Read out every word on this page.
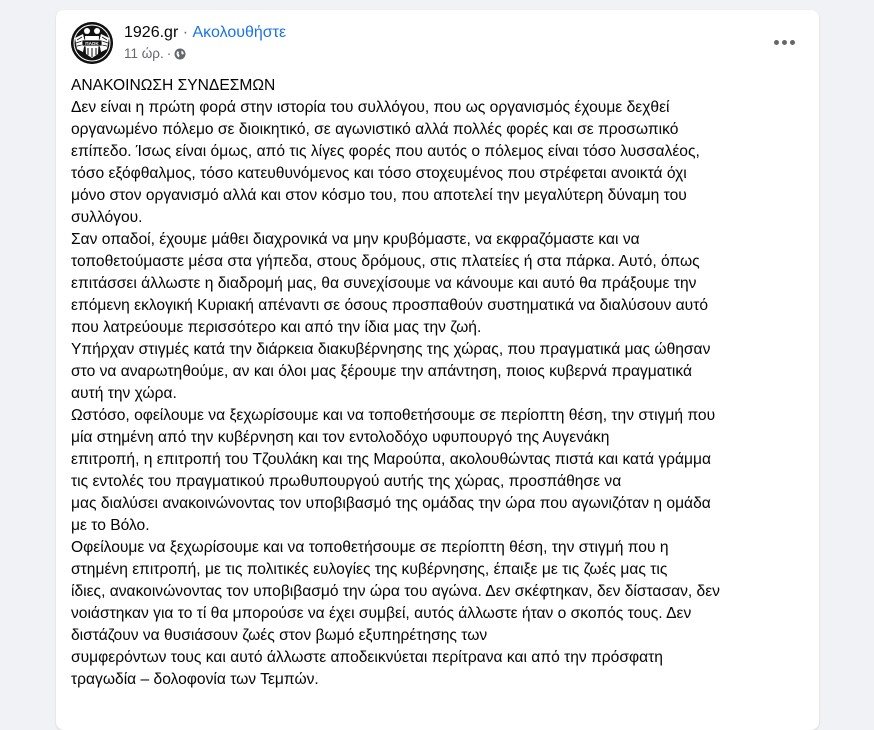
ΠΑΟΚ
1926.gr · Ακολουθήστε
11 ώρ. ·
ΑΝΑΚΟΙΝΩΣΗ ΣΥΝΔΕΣΜΩΝ
Δεν είναι η πρώτη φορά στην ιστορία του συλλόγου, που ως οργανισμός έχουμε δεχθεί
οργανωμένο πόλεμο σε διοικητικό, σε αγωνιστικό αλλά πολλές φορές και σε προσωπικό
επίπεδο. Ίσως είναι όμως, από τις λίγες φορές που αυτός ο πόλεμος είναι τόσο λυσσαλέος,
τόσο εξόφθαλμος, τόσο κατευθυνόμενος και τόσο στοχευμένος που στρέφεται ανοικτά όχι
μόνο στον οργανισμό αλλά και στον κόσμο του, που αποτελεί την μεγαλύτερη δύναμη του
συλλόγου.
Σαν οπαδοί, έχουμε μάθει διαχρονικά να μην κρυβόμαστε, να εκφραζόμαστε και να
τοποθετούμαστε μέσα στα γήπεδα, στους δρόμους, στις πλατείες ή στα πάρκα. Αυτό, όπως
επιτάσσει άλλωστε η διαδρομή μας, θα συνεχίσουμε να κάνουμε και αυτό θα πράξουμε την
επόμενη εκλογική Κυριακή απέναντι σε όσους προσπαθούν συστηματικά να διαλύσουν αυτό
που λατρεύουμε περισσότερο και από την ίδια μας την ζωή.
Υπήρχαν στιγμές κατά την διάρκεια διακυβέρνησης της χώρας, που πραγματικά μας ώθησαν
στο να αναρωτηθούμε, αν και όλοι μας ξέρουμε την απάντηση, ποιος κυβερνά πραγματικά
αυτή την χώρα.
Ωστόσο, οφείλουμε να ξεχωρίσουμε και να τοποθετήσουμε σε περίοπτη θέση, την στιγμή που
μία στημένη από την κυβέρνηση και τον εντολοδόχο υφυπουργό της Αυγενάκη
επιτροπή, η επιτροπή του Τζουλάκη και της Μαρούπα, ακολουθώντας πιστά και κατά γράμμα
τις εντολές του πραγματικού πρωθυπουργού αυτής της χώρας, προσπάθησε να
μας διαλύσει ανακοινώνοντας τον υποβιβασμό της ομάδας την ώρα που αγωνιζόταν η ομάδα
με το Βόλο.
Οφείλουμε να ξεχωρίσουμε και να τοποθετήσουμε σε περίοπτη θέση, την στιγμή που η
στημένη επιτροπή, με τις πολιτικές ευλογίες της κυβέρνησης, έπαιξε με τις ζωές μας τις
ίδιες, ανακοινώνοντας τον υποβιβασμό την ώρα του αγώνα. Δεν σκέφτηκαν, δεν δίστασαν, δεν
νοιάστηκαν για το τί θα μπορούσε να έχει συμβεί, αυτός άλλωστε ήταν ο σκοπός τους. Δεν
διστάζουν να θυσιάσουν ζωές στον βωμό εξυπηρέτησης των
συμφερόντων τους και αυτό άλλωστε αποδεικνύεται περίτρανα και από την πρόσφατη
τραγωδία – δολοφονία των Τεμπών.
